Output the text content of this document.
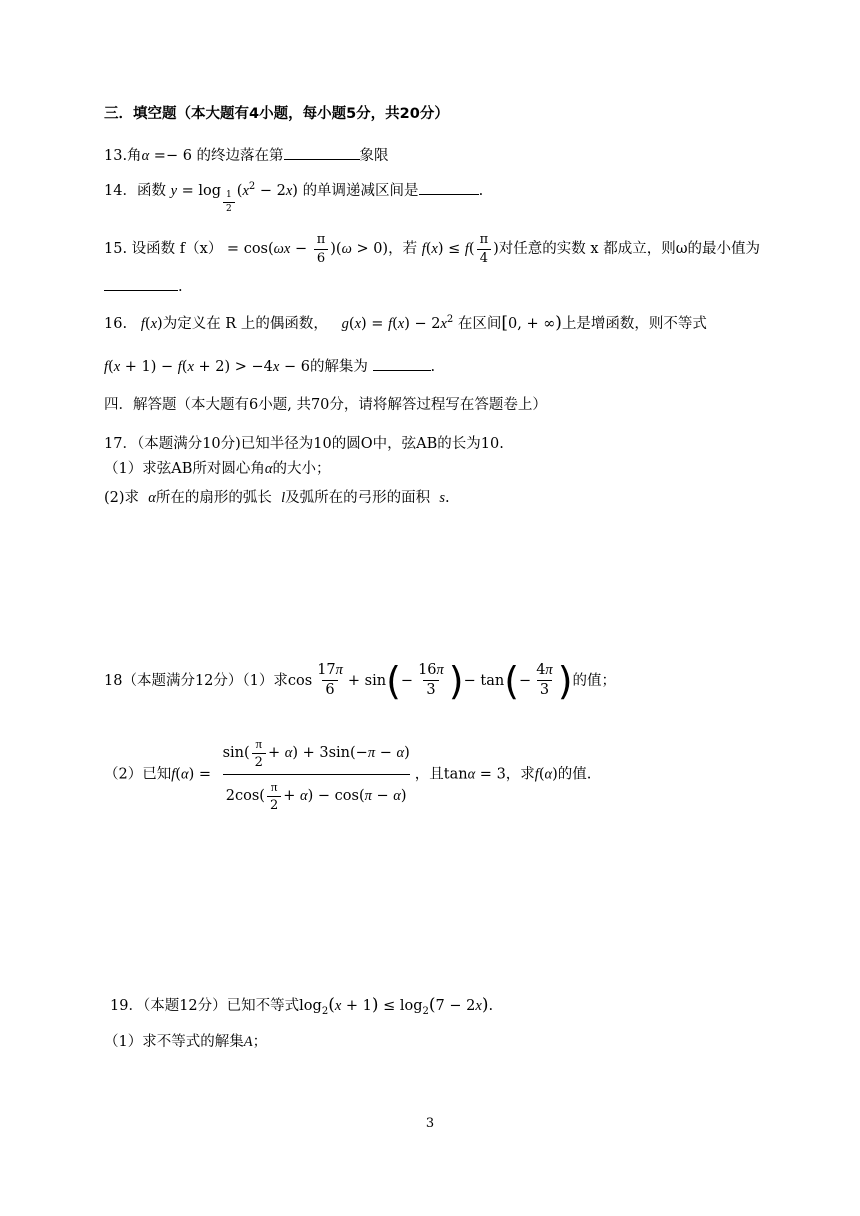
三．填空题（本大题有4小题，每小题5分，共20分）
13.角α =− 6 的终边落在第	象限
14．函数 y = log $_{\frac{1}{2}}$ $(x^2 - 2x)$ 的单调递减区间是	.
15. 设函数 $f(x) = \cos(\omega x - \frac{\pi}{6} )(\omega > 0)$，若 $f(x) \le f( \frac{\pi}{4}$ )对任意的实数 x 都成立，则ω的最小值为
.
16. f(x)为定义在 R 上的偶函数， $g(x) = f(x) - 2x^2$ 在区间[0, + ∞)上是增函数，则不等式
f(x + 1) − f(x + 2) > −4x − 6的解集为	.
四．解答题（本大题有6小题, 共70分，请将解答过程写在答题卷上）
17．（本题满分10分)已知半径为10的圆O中，弦AB的长为10.
（1）求弦AB所对圆心角α的大小；
(2)求 α所在的扇形的弧长 l及弧所在的弓形的面积 s.
18（本题满分12分）（1）求$\cos \frac{17\pi}{6} + \sin(- \frac{16\pi}{3}$ )− $\tan(- \frac{4\pi}{3}$ )的值；
（2）已知$f(\alpha) = \frac{\sin( \frac{\pi}{2} + \alpha) + 3\sin(-\pi - \alpha)}{2\cos( \frac{\pi}{2} + \alpha) - \cos(\pi - \alpha)}$ ，且tanα = 3，求f(α)的值.
19．（本题12分）已知不等式$\log_2(x + 1) \le \log_2(7 - 2x)$.
（1）求不等式的解集A；
3
